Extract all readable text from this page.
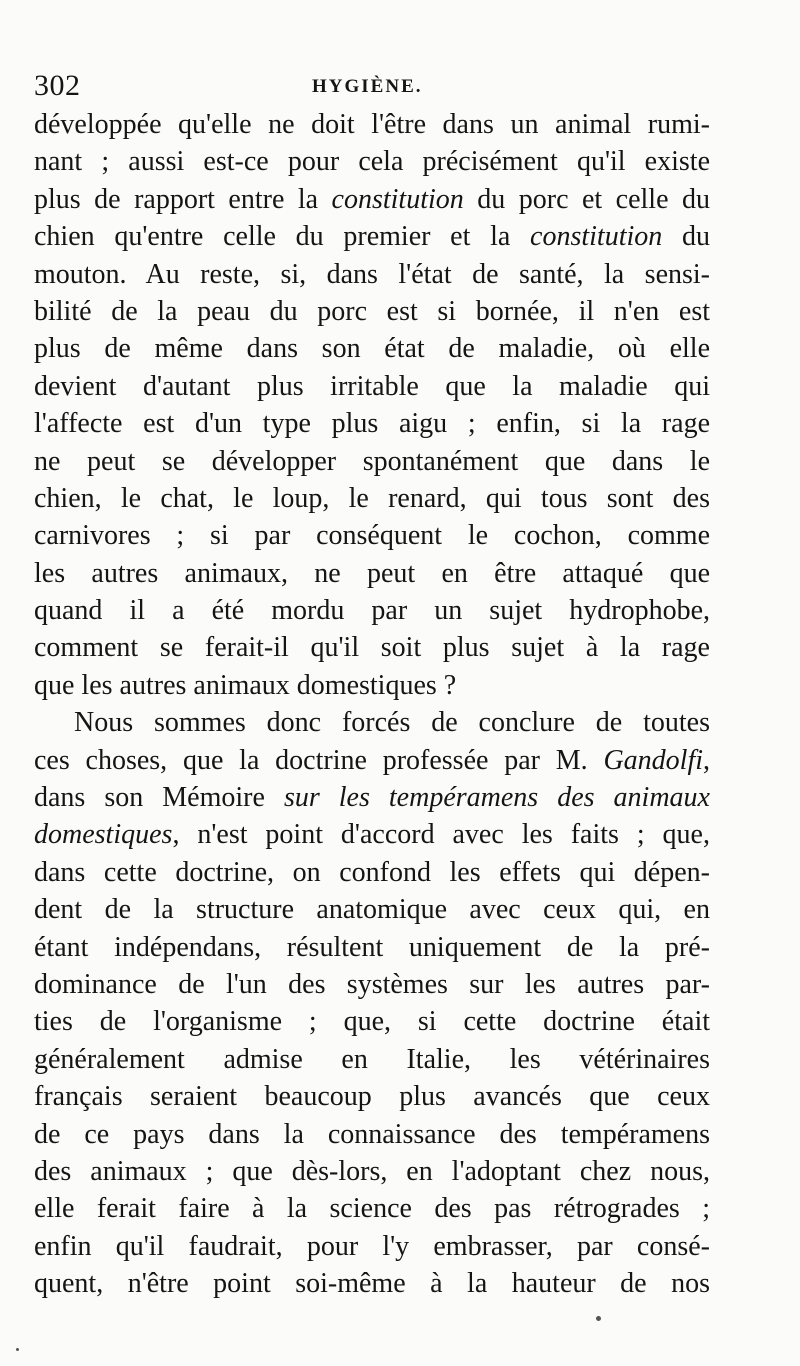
302	HYGIÈNE.
développée qu'elle ne doit l'être dans un animal rumi-
nant ; aussi est-ce pour cela précisément qu'il existe
plus de rapport entre la constitution du porc et celle du
chien qu'entre celle du premier et la constitution du
mouton. Au reste, si, dans l'état de santé, la sensi-
bilité de la peau du porc est si bornée, il n'en est
plus de même dans son état de maladie, où elle
devient d'autant plus irritable que la maladie qui
l'affecte est d'un type plus aigu ; enfin, si la rage
ne peut se développer spontanément que dans le
chien, le chat, le loup, le renard, qui tous sont des
carnivores ; si par conséquent le cochon, comme
les autres animaux, ne peut en être attaqué que
quand il a été mordu par un sujet hydrophobe,
comment se ferait-il qu'il soit plus sujet à la rage
que les autres animaux domestiques ?
Nous sommes donc forcés de conclure de toutes
ces choses, que la doctrine professée par M. Gandolfi,
dans son Mémoire sur les tempéramens des animaux
domestiques, n'est point d'accord avec les faits ; que,
dans cette doctrine, on confond les effets qui dépen-
dent de la structure anatomique avec ceux qui, en
étant indépendans, résultent uniquement de la pré-
dominance de l'un des systèmes sur les autres par-
ties de l'organisme ; que, si cette doctrine était
généralement admise en Italie, les vétérinaires
français seraient beaucoup plus avancés que ceux
de ce pays dans la connaissance des tempéramens
des animaux ; que dès-lors, en l'adoptant chez nous,
elle ferait faire à la science des pas rétrogrades ;
enfin qu'il faudrait, pour l'y embrasser, par consé-
quent, n'être point soi-même à la hauteur de nos
